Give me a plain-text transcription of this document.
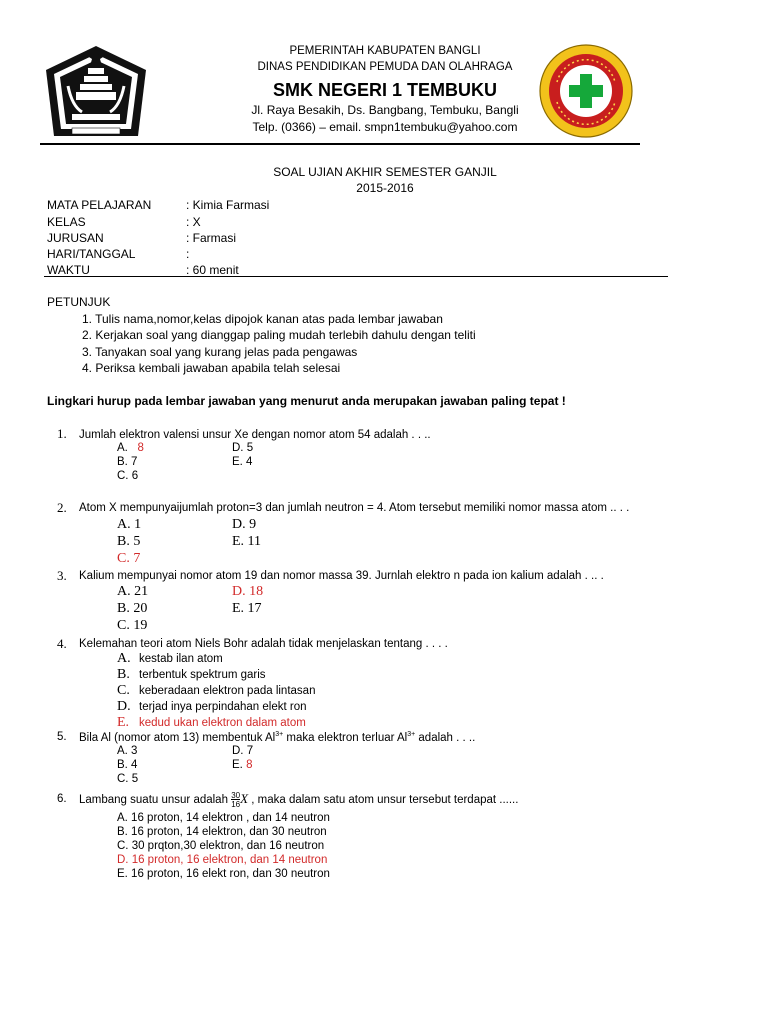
PEMERINTAH KABUPATEN BANGLI
DINAS PENDIDIKAN PEMUDA DAN OLAHRAGA
SMK NEGERI 1 TEMBUKU
Jl. Raya Besakih, Ds. Bangbang, Tembuku, Bangli
Telp. (0366) – email. smpn1tembuku@yahoo.com
SOAL UJIAN AKHIR SEMESTER GANJIL
2015-2016
MATA PELAJARAN	: Kimia Farmasi
KELAS	: X
JURUSAN	: Farmasi
HARI/TANGGAL	:
WAKTU	: 60 menit
PETUNJUK
1. Tulis nama,nomor,kelas dipojok kanan atas pada lembar jawaban
2. Kerjakan soal yang dianggap paling mudah terlebih dahulu dengan teliti
3. Tanyakan soal yang kurang jelas pada pengawas
4. Periksa kembali jawaban apabila telah selesai
Lingkari hurup pada lembar jawaban yang menurut anda merupakan jawaban paling tepat !
1. Jumlah elektron valensi unsur Xe dengan nomor atom 54 adalah . . ..
A. 8
B. 7
C. 6
D. 5
E. 4
2. Atom X mempunyaijumlah proton=3 dan jumlah neutron = 4. Atom tersebut memiliki nomor massa atom .. . .
A. 1
B. 5
C. 7
D. 9
E. 11
3. Kalium mempunyai nomor atom 19 dan nomor massa 39. Jurnlah elektro n pada ion kalium adalah . .. .
A. 21
B. 20
C. 19
D. 18
E. 17
4. Kelemahan teori atom Niels Bohr adalah tidak menjelaskan tentang . . . .
A. kestab ilan atom
B. terbentuk spektrum garis
C. keberadaan elektron pada lintasan
D. terjad inya perpindahan elekt ron
E. kedud ukan elektron dalam atom
5. Bila Al (nomor atom 13) membentuk $Al^{3+}$ maka elektron terluar $Al^{3+}$ adalah . . ..
A. 3
B. 4
C. 5
D. 7
E. 8
6. Lambang suatu unsur adalah $\frac{30}{16}X$ , maka dalam satu atom unsur tersebut terdapat ......
A. 16 proton, 14 elektron , dan 14 neutron
B. 16 proton, 14 elektron, dan 30 neutron
C. 30 prqton,30 elektron, dan 16 neutron
D. 16 proton, 16 elektron, dan 14 neutron
E. 16 proton, 16 elekt ron, dan 30 neutron
